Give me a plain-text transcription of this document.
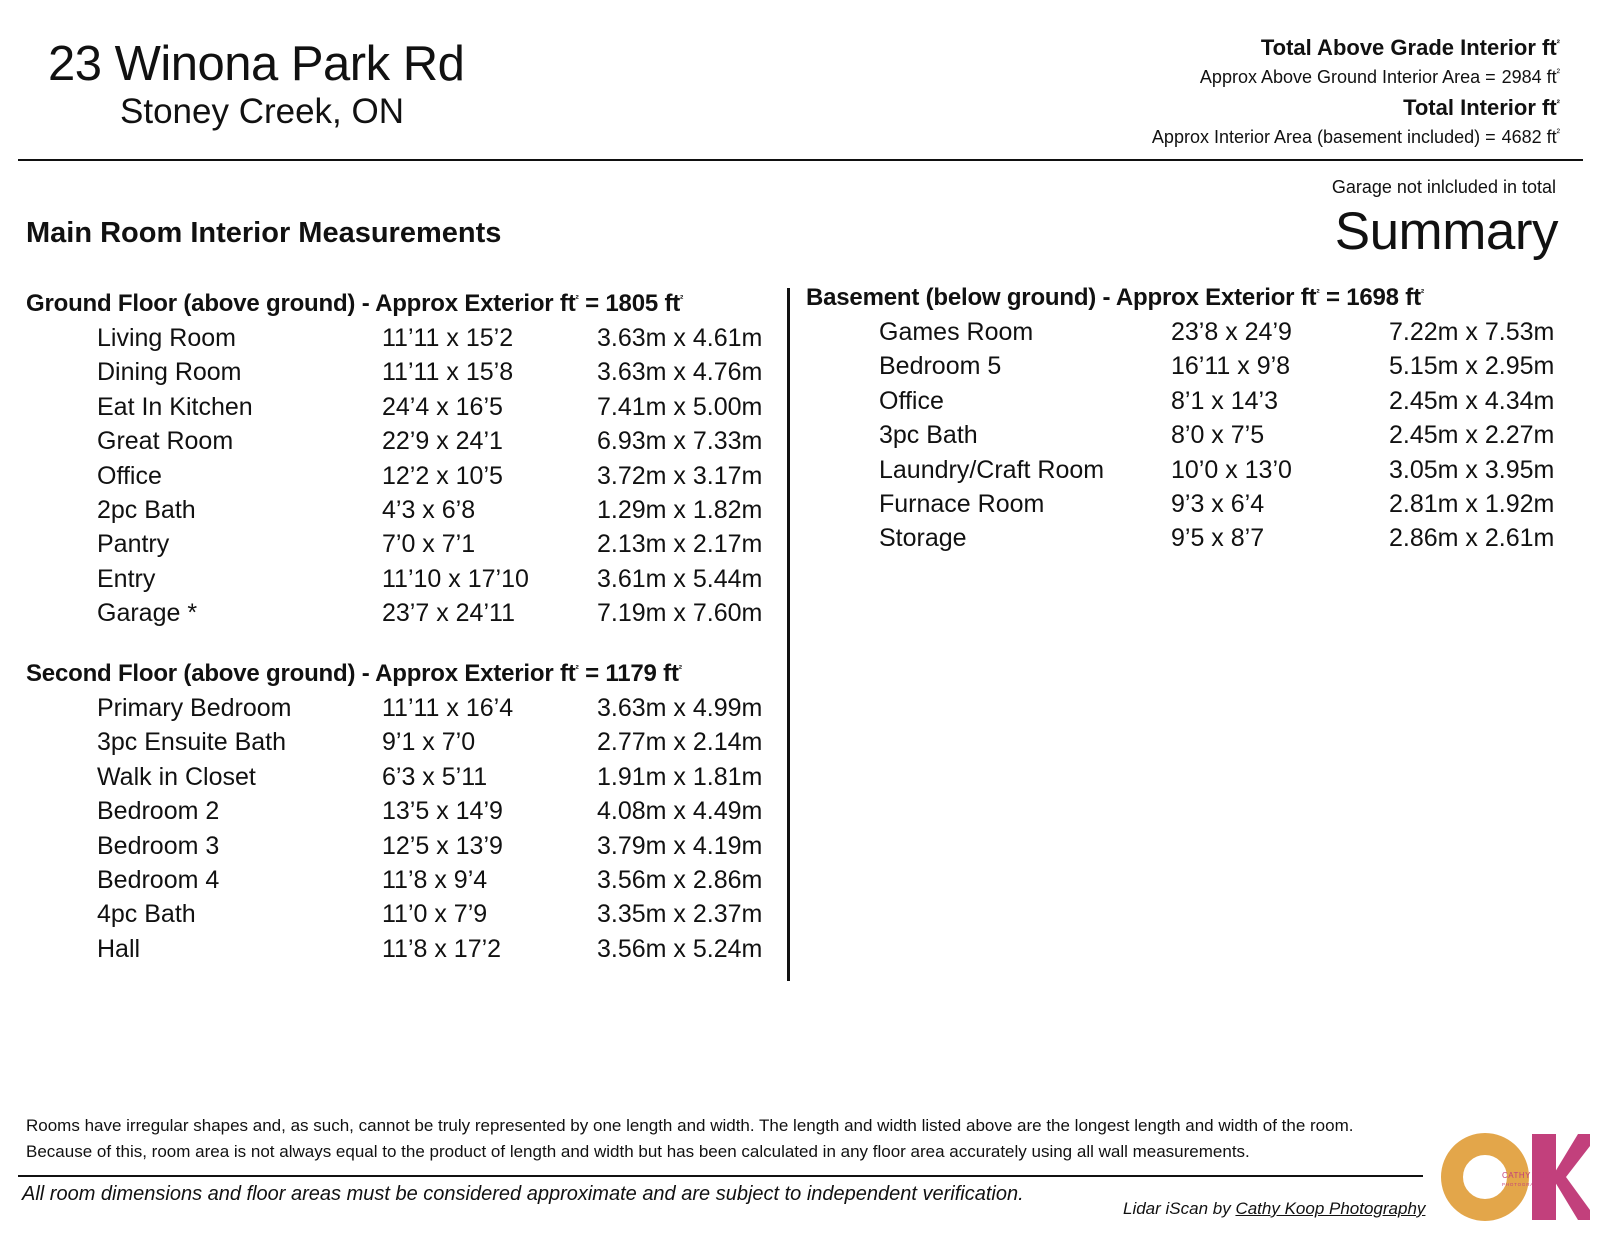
23 Winona Park Rd
Stoney Creek, ON
Total Above Grade Interior $ft^{^2}$
Approx Above Ground Interior Area = 2984 $ft^{^2}$
Total Interior $ft^{^2}$
Approx Interior Area (basement included) = 4682 $ft^{^2}$
Garage not inlcluded in total
Summary
Main Room Interior Measurements
Ground Floor (above ground) - Approx Exterior $ft^{^2} = 1805$ $ft^{^2}$
Living Room	11’11 x 15’2	3.63m x 4.61m
Dining Room	11’11 x 15’8	3.63m x 4.76m
Eat In Kitchen	24’4 x 16’5	7.41m x 5.00m
Great Room	22’9 x 24’1	6.93m x 7.33m
Office	12’2 x 10’5	3.72m x 3.17m
2pc Bath	4’3 x 6’8	1.29m x 1.82m
Pantry	7’0 x 7’1	2.13m x 2.17m
Entry	11’10 x 17’10	3.61m x 5.44m
Garage *	23’7 x 24’11	7.19m x 7.60m
Second Floor (above ground) - Approx Exterior $ft^{^2} = 1179$ $ft^{^2}$
Primary Bedroom	11’11 x 16’4	3.63m x 4.99m
3pc Ensuite Bath	9’1 x 7’0	2.77m x 2.14m
Walk in Closet	6’3 x 5’11	1.91m x 1.81m
Bedroom 2	13’5 x 14’9	4.08m x 4.49m
Bedroom 3	12’5 x 13’9	3.79m x 4.19m
Bedroom 4	11’8 x 9’4	3.56m x 2.86m
4pc Bath	11’0 x 7’9	3.35m x 2.37m
Hall	11’8 x 17’2	3.56m x 5.24m
Basement (below ground) - Approx Exterior $ft^{^2} = 1698$ $ft^{^2}$
Games Room	23’8 x 24’9	7.22m x 7.53m
Bedroom 5	16’11 x 9’8	5.15m x 2.95m
Office	8’1 x 14’3	2.45m x 4.34m
3pc Bath	8’0 x 7’5	2.45m x 2.27m
Laundry/Craft Room	10’0 x 13’0	3.05m x 3.95m
Furnace Room	9’3 x 6’4	2.81m x 1.92m
Storage	9’5 x 8’7	2.86m x 2.61m
Rooms have irregular shapes and, as such, cannot be truly represented by one length and width. The length and width listed above are the longest length and width of the room.
Because of this, room area is not always equal to the product of length and width but has been calculated in any floor area accurately using all wall measurements.
All room dimensions and floor areas must be considered approximate and are subject to independent verification.
Lidar iScan by Cathy Koop Photography
CATHY KOOP
PHOTOGRAPHY
